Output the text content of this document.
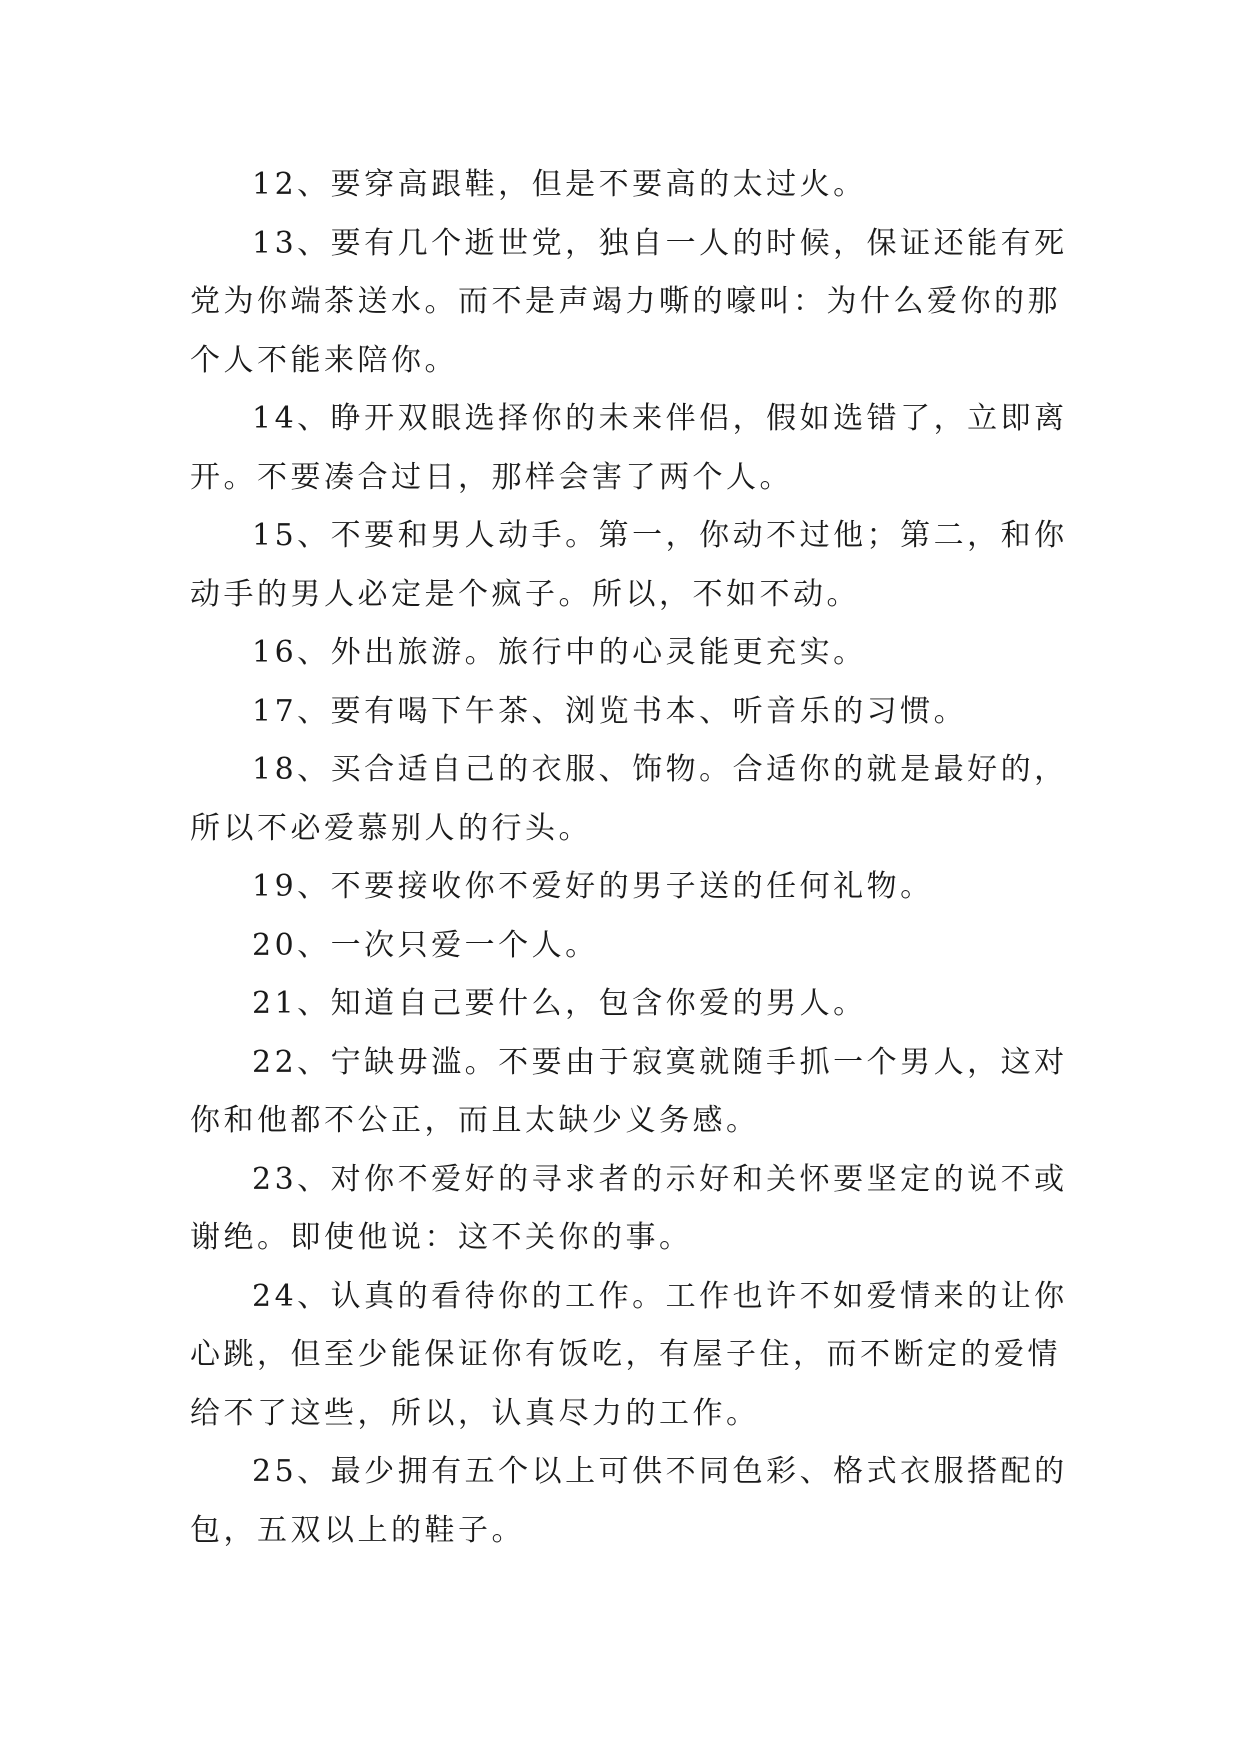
12、要穿高跟鞋，但是不要高的太过火。

13、要有几个逝世党，独自一人的时候，保证还能有死党为你端茶送水。而不是声竭力嘶的嚎叫：为什么爱你的那个人不能来陪你。

14、睁开双眼选择你的未来伴侣，假如选错了，立即离开。不要凑合过日，那样会害了两个人。

15、不要和男人动手。第一，你动不过他；第二，和你动手的男人必定是个疯子。所以，不如不动。

16、外出旅游。旅行中的心灵能更充实。

17、要有喝下午茶、浏览书本、听音乐的习惯。

18、买合适自己的衣服、饰物。合适你的就是最好的，所以不必爱慕别人的行头。

19、不要接收你不爱好的男子送的任何礼物。

20、一次只爱一个人。

21、知道自己要什么，包含你爱的男人。

22、宁缺毋滥。不要由于寂寞就随手抓一个男人，这对你和他都不公正，而且太缺少义务感。

23、对你不爱好的寻求者的示好和关怀要坚定的说不或谢绝。即使他说：这不关你的事。

24、认真的看待你的工作。工作也许不如爱情来的让你心跳，但至少能保证你有饭吃，有屋子住，而不断定的爱情给不了这些，所以，认真尽力的工作。

25、最少拥有五个以上可供不同色彩、格式衣服搭配的包，五双以上的鞋子。
